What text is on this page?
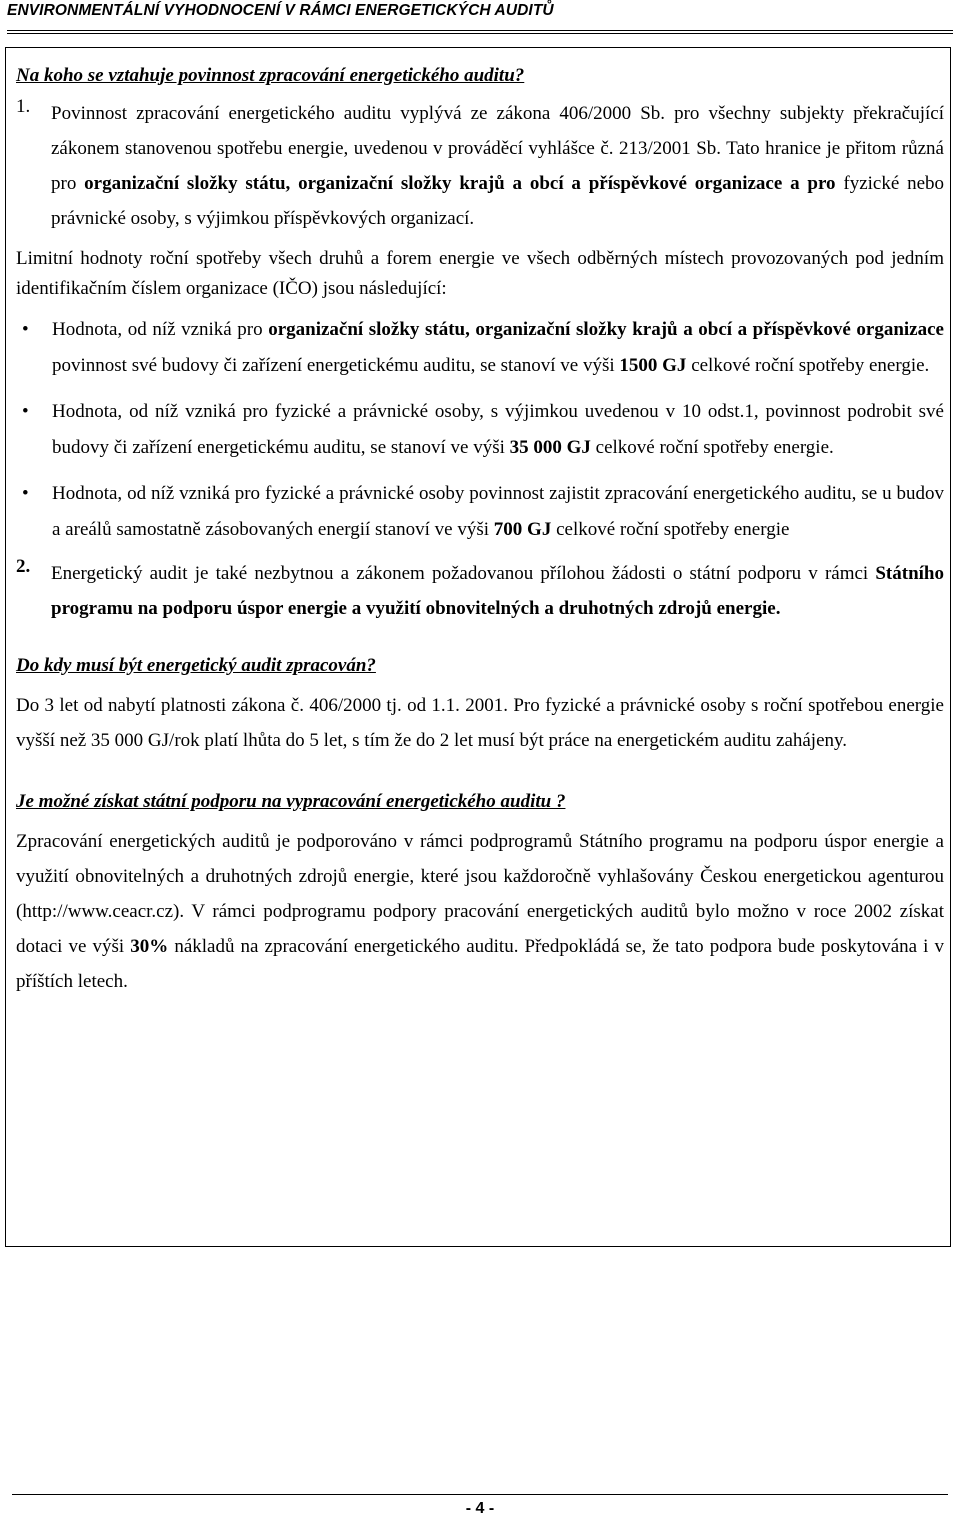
ENVIRONMENTÁLNÍ VYHODNOCENÍ V RÁMCI ENERGETICKÝCH AUDITŮ

Na koho se vztahuje povinnost zpracování energetického auditu?

1.	Povinnost zpracování energetického auditu vyplývá ze zákona 406/2000 Sb. pro všechny subjekty překračující zákonem stanovenou spotřebu energie, uvedenou v prováděcí vyhlášce č. 213/2001 Sb. Tato hranice je přitom různá pro organizační složky státu, organizační složky krajů a obcí a příspěvkové organizace a pro fyzické nebo právnické osoby, s výjimkou příspěvkových organizací.

Limitní hodnoty roční spotřeby všech druhů a forem energie ve všech odběrných místech provozovaných pod jedním identifikačním číslem organizace (IČO) jsou následující:

•	Hodnota, od níž vzniká pro organizační složky státu, organizační složky krajů a obcí a příspěvkové organizace povinnost své budovy či zařízení energetickému auditu, se stanoví ve výši 1500 GJ celkové roční spotřeby energie.
•	Hodnota, od níž vzniká pro fyzické a právnické osoby, s výjimkou uvedenou v 10 odst.1, povinnost podrobit své budovy či zařízení energetickému auditu, se stanoví ve výši 35 000 GJ celkové roční spotřeby energie.
•	Hodnota, od níž vzniká pro fyzické a právnické osoby povinnost zajistit zpracování energetického auditu, se u budov a areálů samostatně zásobovaných energií stanoví ve výši 700 GJ celkové roční spotřeby energie
2.	Energetický audit je také nezbytnou a zákonem požadovanou přílohou žádosti o státní podporu v rámci Státního programu na podporu úspor energie a využití obnovitelných a druhotných zdrojů energie.

Do kdy musí být energetický audit zpracován?

Do 3 let od nabytí platnosti zákona č. 406/2000 tj. od 1.1. 2001. Pro fyzické a právnické osoby s roční spotřebou energie vyšší než 35 000 GJ/rok platí lhůta do 5 let, s tím že do 2 let musí být práce na energetickém auditu zahájeny.

Je možné získat státní podporu na vypracování energetického auditu ?

Zpracování energetických auditů je podporováno v rámci podprogramů Státního programu na podporu úspor energie a využití obnovitelných a druhotných zdrojů energie, které jsou každoročně vyhlašovány Českou energetickou agenturou (http://www.ceacr.cz). V rámci podprogramu podpory pracování energetických auditů bylo možno v roce 2002 získat dotaci ve výši 30% nákladů na zpracování energetického auditu. Předpokládá se, že tato podpora bude poskytována i v příštích letech.

- 4 -
